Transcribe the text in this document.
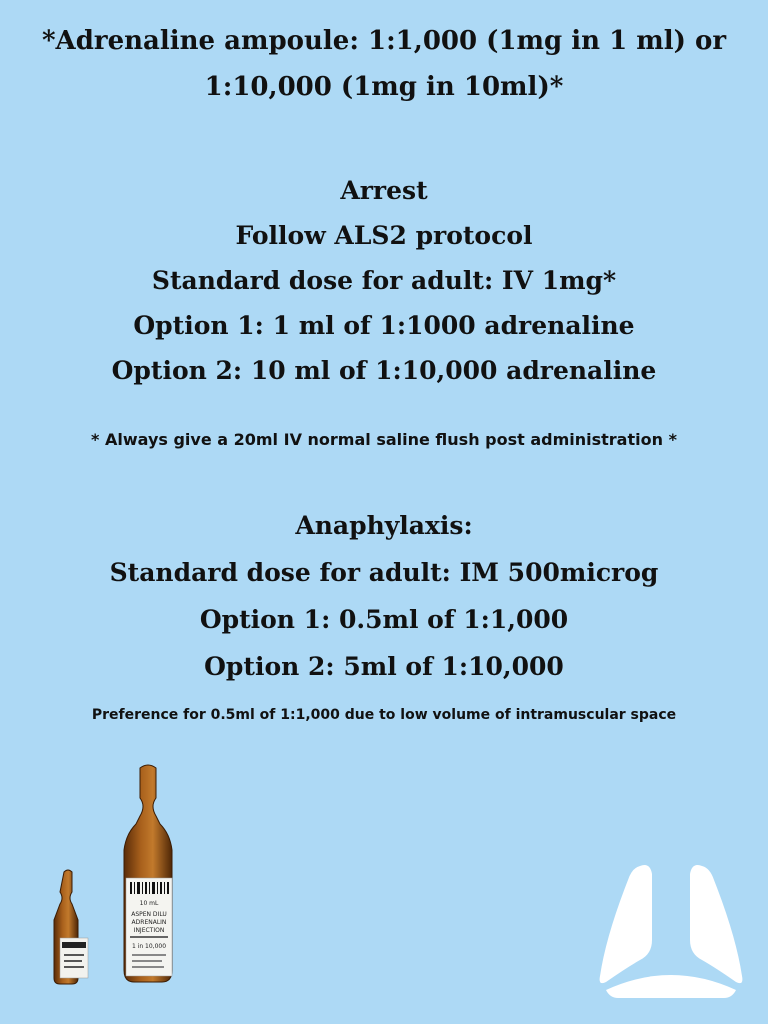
*Adrenaline ampoule: 1:1,000 (1mg in 1 ml) or
1:10,000 (1mg in 10ml)*
Arrest
Follow ALS2 protocol
Standard dose for adult: IV 1mg*
Option 1: 1 ml of 1:1000 adrenaline
Option 2: 10 ml of 1:10,000 adrenaline
* Always give a 20ml IV normal saline flush post administration *
Anaphylaxis:
Standard dose for adult: IM 500microg
Option 1: 0.5ml of 1:1,000
Option 2: 5ml of 1:10,000
Preference for 0.5ml of 1:1,000 due to low volume of intramuscular space
10 mL
ASPEN DILU
ADRENALIN
INJECTION
1 in 10,000
